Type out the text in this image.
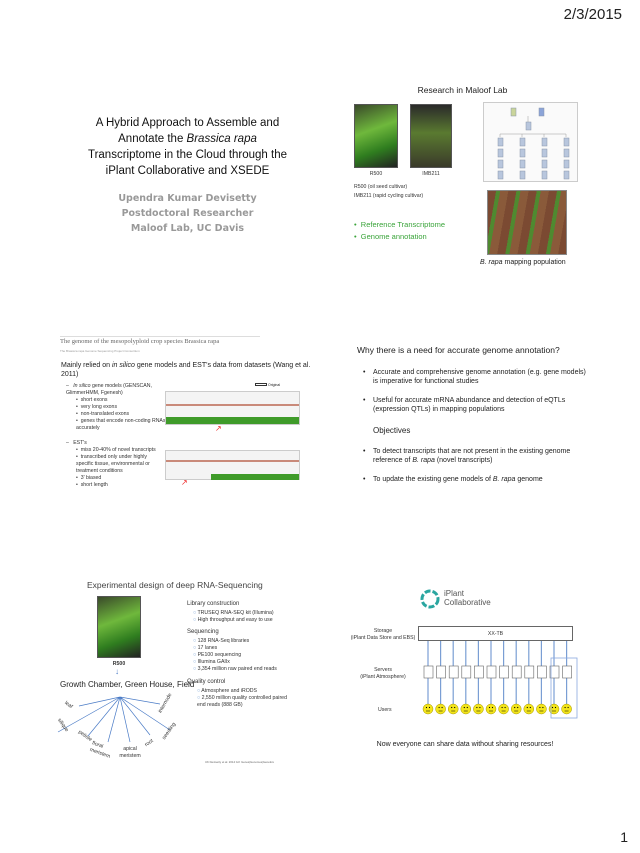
2/3/2015
1
A Hybrid Approach to Assemble and
Annotate the Brassica rapa
Transcriptome in the Cloud through the
iPlant Collaborative and XSEDE
Upendra Kumar Devisetty
Postdoctoral Researcher
Maloof Lab, UC Davis
Research in Maloof Lab
R500	IMB211
R500 (oil seed cultivar)
IMB211 (rapid cycling cultivar)
•  Reference Transcriptome
•  Genome annotation
B. rapa mapping population
The genome of the mesopolyploid crop species Brassica rapa
The Brassica rapa Genome Sequencing Project Consortium
Mainly relied on in silico gene models and EST's data from datasets (Wang et al. 2011)
–   In silico gene models (GENSCAN, GlimmerHMM, Fgenesh)
•  short exons
•  very long exons
•  non-translated exons
•  genes that encode non-coding RNAs accurately
–   EST's
•  miss 20-40% of novel transcripts
•  transcribed only under highly specific tissue, environmental or treatment conditions
•  3' biased
•  short length
Original
↗
↗
Why there is a need for accurate genome annotation?
•	Accurate and comprehensive genome annotation (e.g. gene models) is imperative for functional studies
•	Useful for accurate mRNA abundance and detection of eQTLs (expression QTLs) in mapping populations
Objectives
•	To detect transcripts that are not present in the existing genome reference of B. rapa (novel transcripts)
•	To update the existing gene models of B. rapa genome
Experimental design of deep RNA-Sequencing
R500
↓
Growth Chamber, Green House, Field
leaf
silique
petiole
floral meristem	apical meristem
root
seedling
internode
Library construction
○ TRUSEQ RNA-SEQ kit (Illumina)
○ High throughput and easy to use
Sequencing
○ 128 RNA-Seq libraries
○ 17 lanes
○ PE100 sequencing
○ Illumina GAIIx
○ 3,354 million raw paired end reads
Quality control
○ Atmosphere and iRODS
○ 2,550 million quality controlled paired end reads (888 GB)
UK Devisetty et al. 2014 G3: Genes|Genomes|Genetics
iPlant
Collaborative
Storage
(iPlant Data Store and EBS)
XX-TB
Servers
(iPlant Atmosphere)
Users
Now everyone can share data without sharing resources!
